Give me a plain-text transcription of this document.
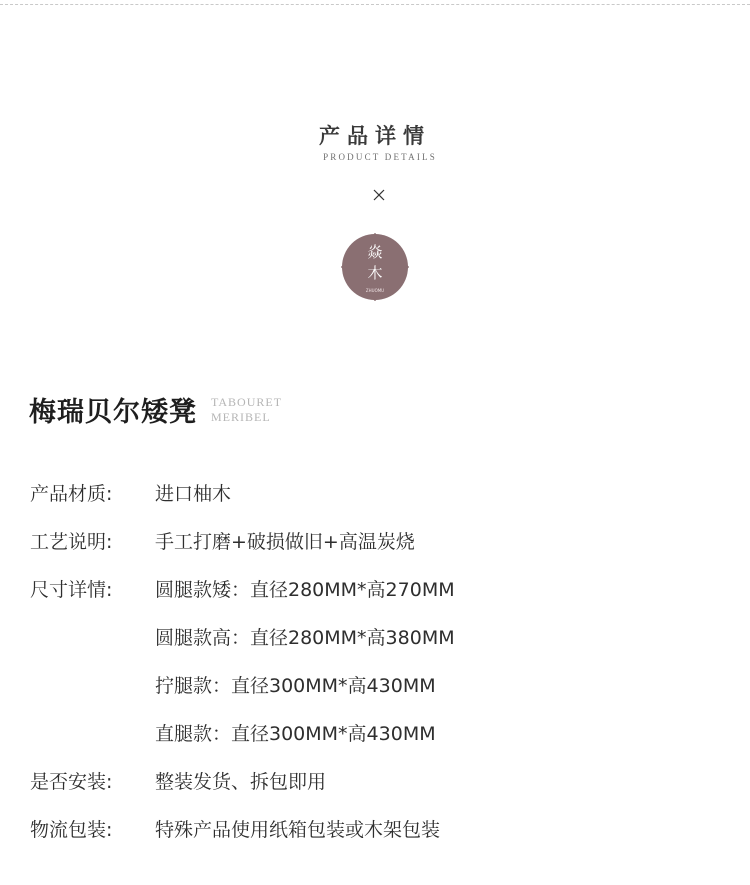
产品详情
PRODUCT DETAILS
焱
木
ZHUOMU
梅瑞贝尔矮凳 TABOURET
MERIBEL
产品材质: 进口柚木
工艺说明: 手工打磨+破损做旧+高温炭烧
尺寸详情: 圆腿款矮：直径280MM*高270MM
圆腿款高：直径280MM*高380MM
拧腿款：直径300MM*高430MM
直腿款：直径300MM*高430MM
是否安装: 整装发货、拆包即用
物流包装: 特殊产品使用纸箱包装或木架包装
